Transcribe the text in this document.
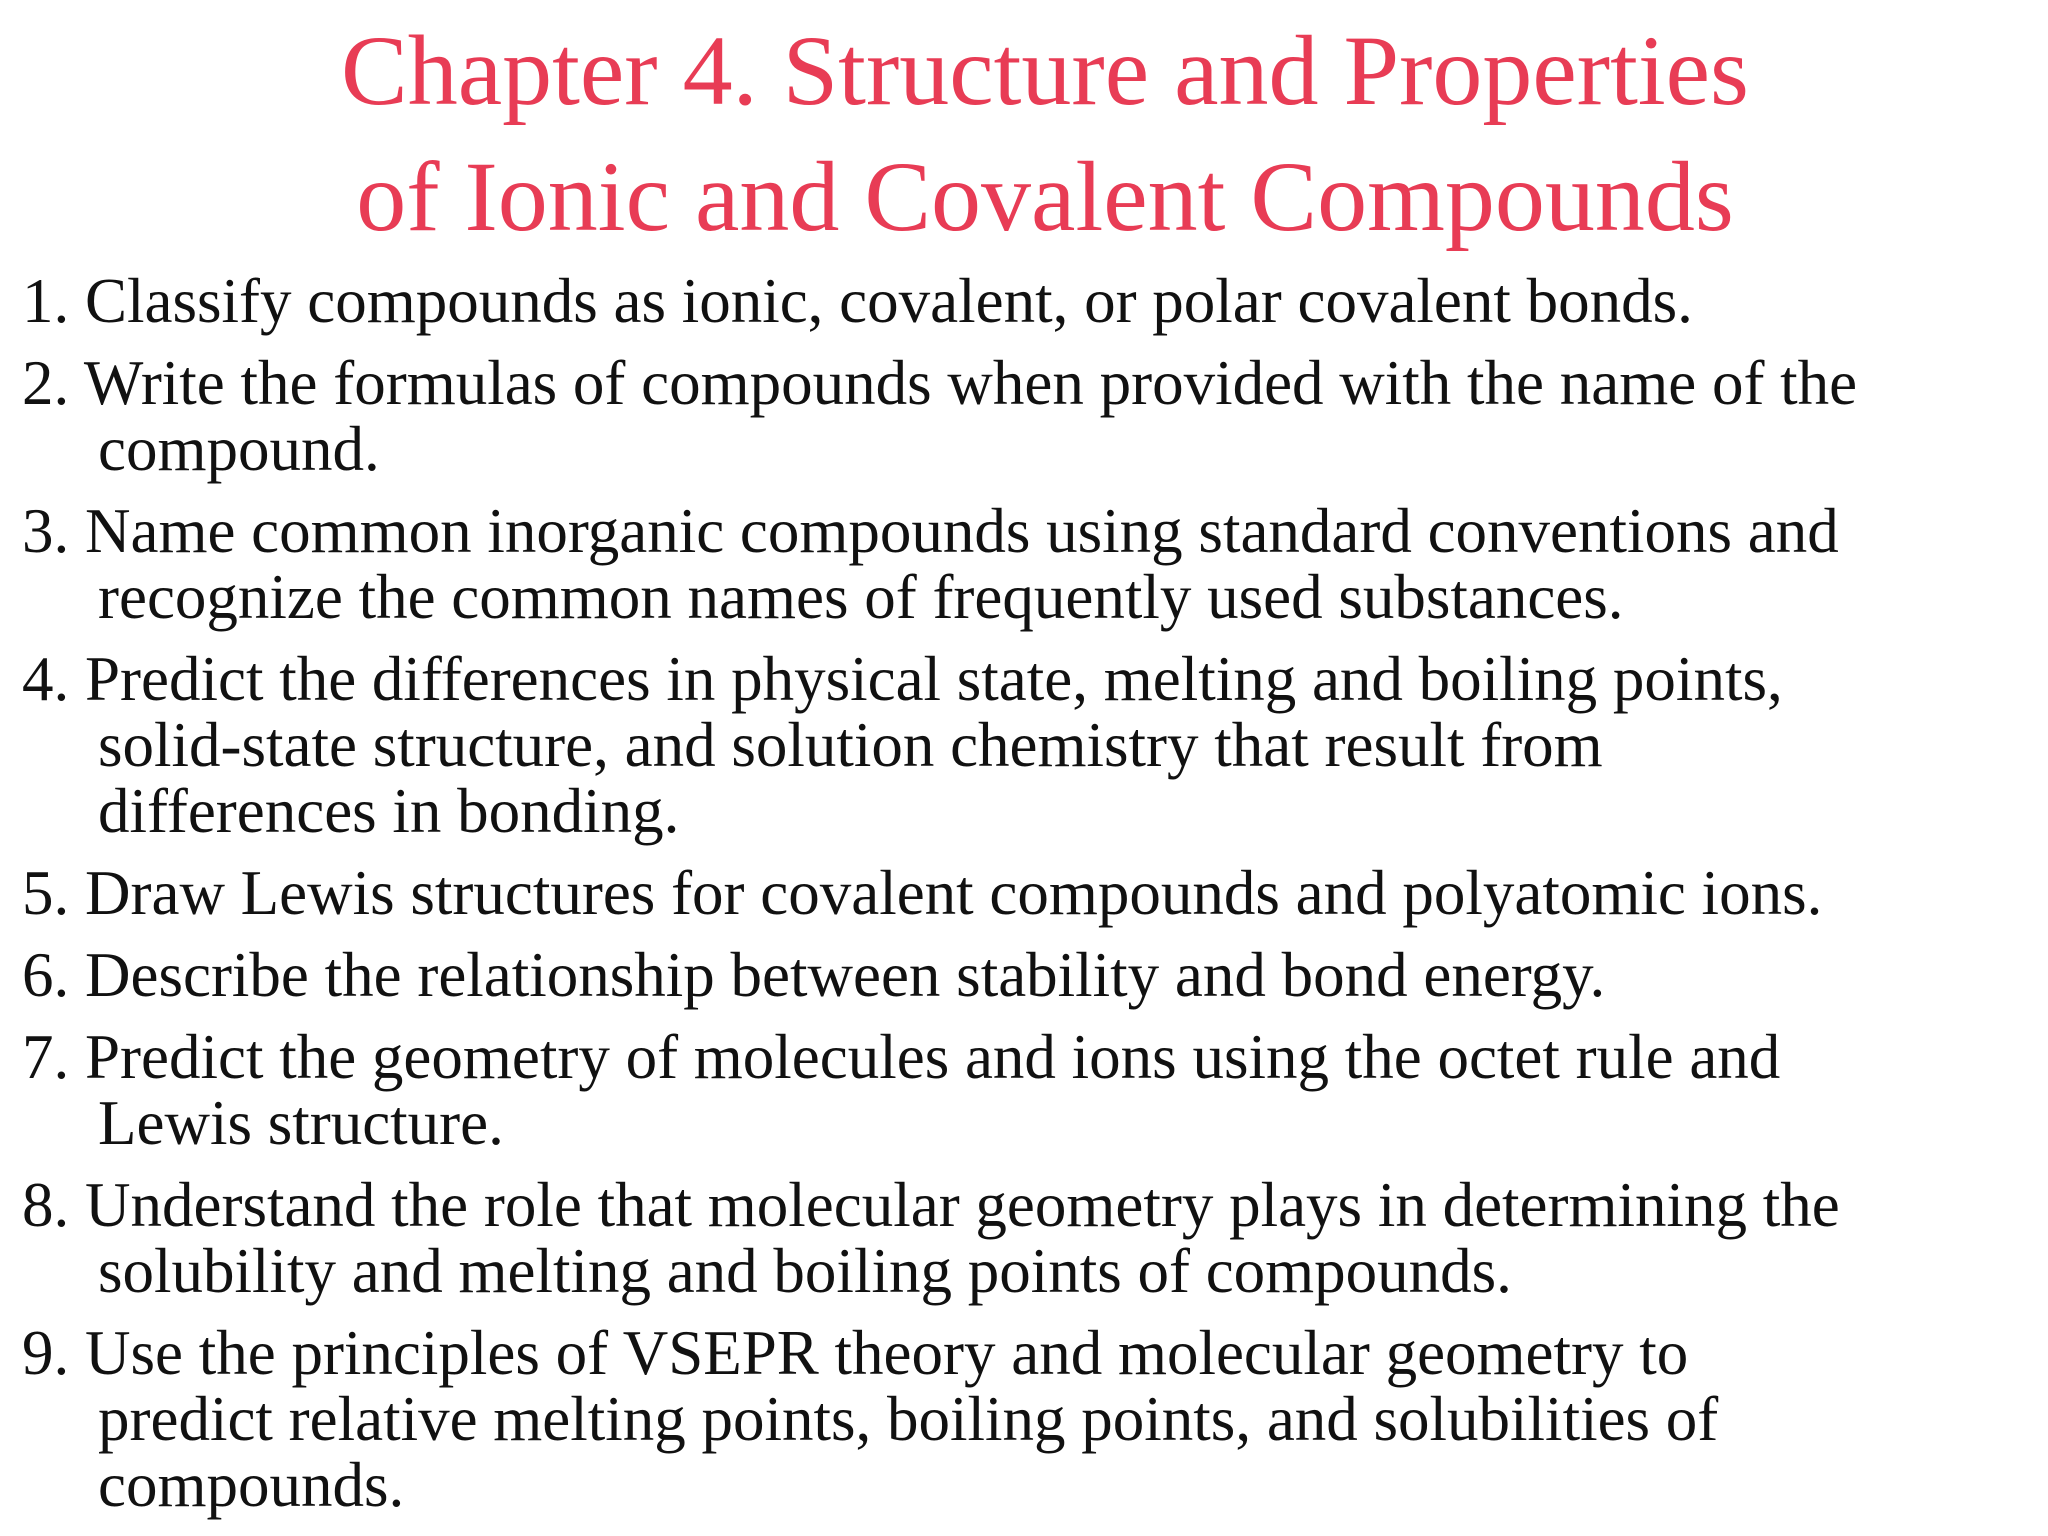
Chapter 4. Structure and Properties
of Ionic and Covalent Compounds
1. Classify compounds as ionic, covalent, or polar covalent bonds.
2. Write the formulas of compounds when provided with the name of the
compound.
3. Name common inorganic compounds using standard conventions and
recognize the common names of frequently used substances.
4. Predict the differences in physical state, melting and boiling points,
solid-state structure, and solution chemistry that result from
differences in bonding.
5. Draw Lewis structures for covalent compounds and polyatomic ions.
6. Describe the relationship between stability and bond energy.
7. Predict the geometry of molecules and ions using the octet rule and
Lewis structure.
8. Understand the role that molecular geometry plays in determining the
solubility and melting and boiling points of compounds.
9. Use the principles of VSEPR theory and molecular geometry to
predict relative melting points, boiling points, and solubilities of
compounds.
